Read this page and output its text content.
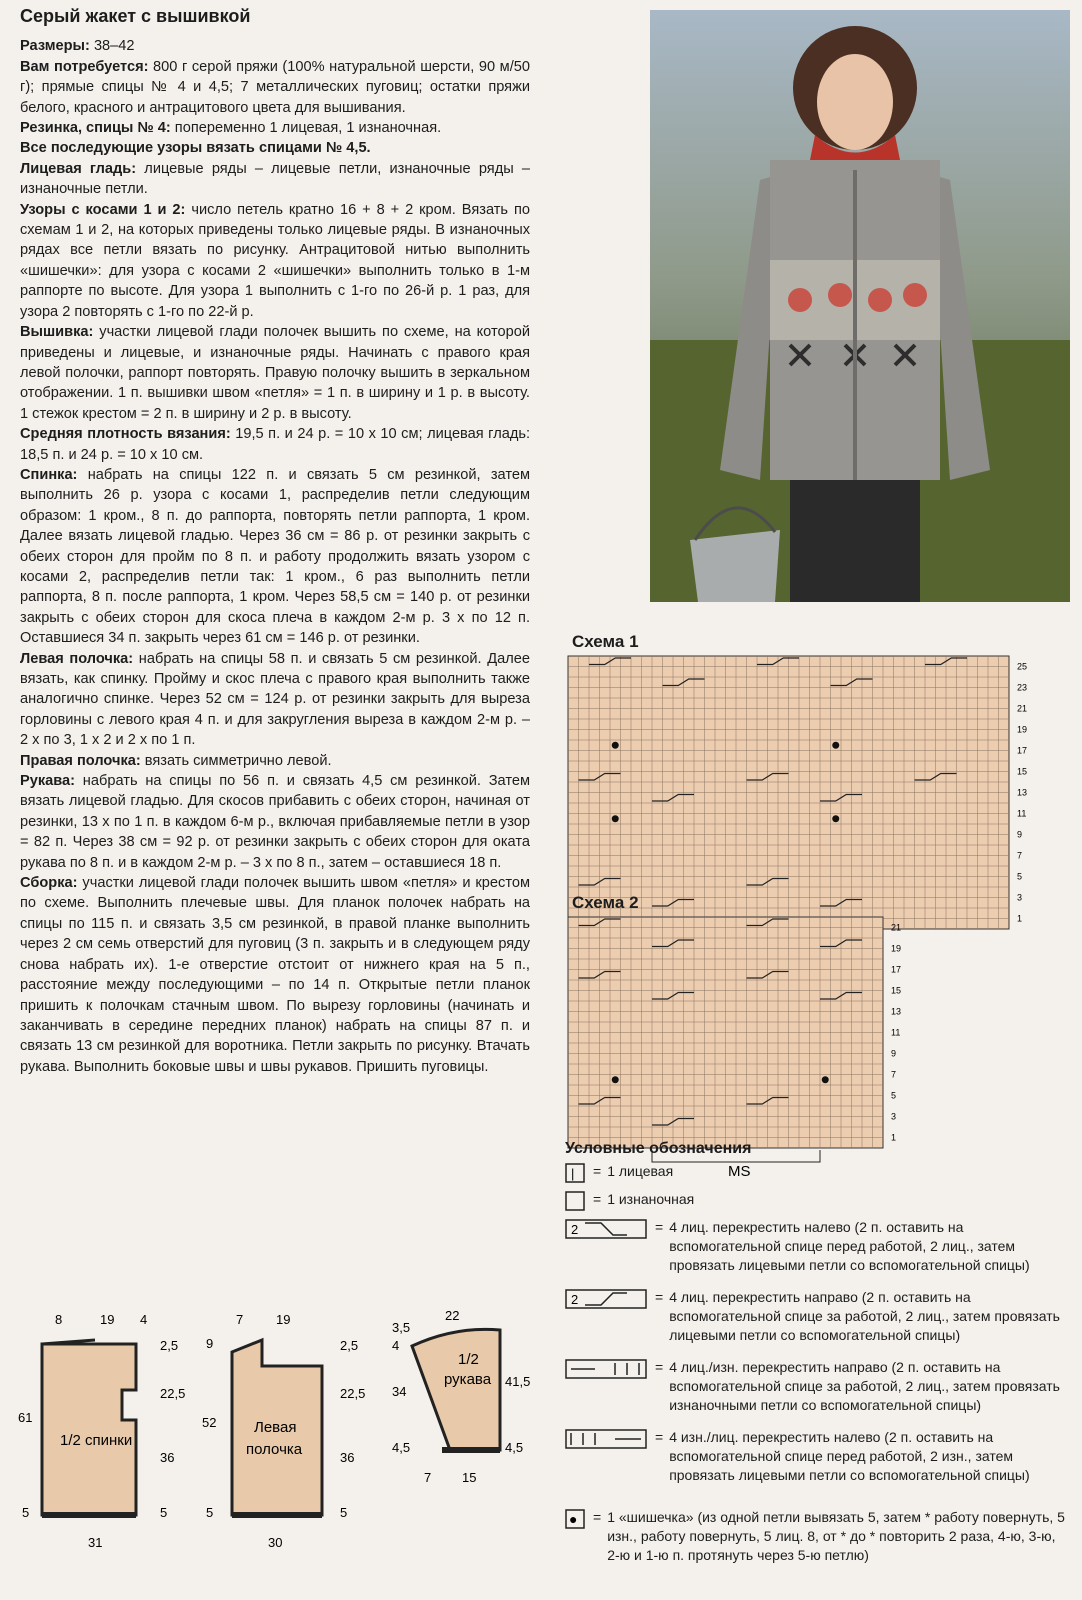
Серый жакет с вышивкой

Размеры: 38–42

Вам потребуется: 800 г серой пряжи (100% натуральной шерсти, 90 м/50 г); прямые спицы № 4 и 4,5; 7 металлических пуговиц; остатки пряжи белого, красного и антрацитового цвета для вышивания.

Резинка, спицы № 4: попеременно 1 лицевая, 1 изнаночная.

Все последующие узоры вязать спицами № 4,5.

Лицевая гладь: лицевые ряды – лицевые петли, изнаночные ряды – изнаночные петли.

Узоры с косами 1 и 2: число петель кратно 16 + 8 + 2 кром. Вязать по схемам 1 и 2, на которых приведены только лицевые ряды. В изнаночных рядах все петли вязать по рисунку. Антрацитовой нитью выполнить «шишечки»: для узора с косами 2 «шишечки» выполнить только в 1-м раппорте по высоте. Для узора 1 выполнить с 1-го по 26-й р. 1 раз, для узора 2 повторять с 1-го по 22-й р.

Вышивка: участки лицевой глади полочек вышить по схеме, на которой приведены и лицевые, и изнаночные ряды. Начинать с правого края левой полочки, раппорт повторять. Правую полочку вышить в зеркальном отображении. 1 п. вышивки швом «петля» = 1 п. в ширину и 1 р. в высоту. 1 стежок крестом = 2 п. в ширину и 2 р. в высоту.

Средняя плотность вязания: 19,5 п. и 24 р. = 10 х 10 см; лицевая гладь: 18,5 п. и 24 р. = 10 х 10 см.

Спинка: набрать на спицы 122 п. и связать 5 см резинкой, затем выполнить 26 р. узора с косами 1, распределив петли следующим образом: 1 кром., 8 п. до раппорта, повторять петли раппорта, 1 кром. Далее вязать лицевой гладью. Через 36 см = 86 р. от резинки закрыть с обеих сторон для пройм по 8 п. и работу продолжить вязать узором с косами 2, распределив петли так: 1 кром., 6 раз выполнить петли раппорта, 8 п. после раппорта, 1 кром. Через 58,5 см = 140 р. от резинки закрыть с обеих сторон для скоса плеча в каждом 2-м р. 3 х по 12 п. Оставшиеся 34 п. закрыть через 61 см = 146 р. от резинки.

Левая полочка: набрать на спицы 58 п. и связать 5 см резинкой. Далее вязать, как спинку. Пройму и скос плеча с правого края выполнить также аналогично спинке. Через 52 см = 124 р. от резинки закрыть для выреза горловины с левого края 4 п. и для закругления выреза в каждом 2-м р. – 2 х по 3, 1 х 2 и 2 х по 1 п.

Правая полочка: вязать симметрично левой.

Рукава: набрать на спицы по 56 п. и связать 4,5 см резинкой. Затем вязать лицевой гладью. Для скосов прибавить с обеих сторон, начиная от резинки, 13 х по 1 п. в каждом 6-м р., включая прибавляемые петли в узор = 82 п. Через 38 см = 92 р. от резинки закрыть с обеих сторон для оката рукава по 8 п. и в каждом 2-м р. – 3 х по 8 п., затем – оставшиеся 18 п.

Сборка: участки лицевой глади полочек вышить швом «петля» и крестом по схеме. Выполнить плечевые швы. Для планок полочек набрать на спицы по 115 п. и связать 3,5 см резинкой, в правой планке выполнить через 2 см семь отверстий для пуговиц (3 п. закрыть и в следующем ряду снова набрать их). 1-е отверстие отстоит от нижнего края на 5 п., расстояние между последующими – по 14 п. Открытые петли планок пришить к полочкам стачным швом. По вырезу горловины (начинать и заканчивать в середине передних планок) набрать на спицы 87 п. и связать 13 см резинкой для воротника. Петли закрыть по рисунку. Втачать рукава. Выполнить боковые швы и швы рукавов. Пришить пуговицы.

Схема 1
25
23
21
19
17
15
13
11
9
7
5
3
1
Схема 2
21
19
17
15
13
11
9
7
5
3
1
MS
Условные обозначения
| = 1 лицевая
= 1 изнаночная
2	= 4 лиц. перекрестить налево (2 п. оставить на вспомогательной спице перед работой, 2 лиц., затем провязать лицевыми петли со вспомогательной спицы)
2	= 4 лиц. перекрестить направо (2 п. оставить на вспомогательной спице за работой, 2 лиц., затем провязать лицевыми петли со вспомогательной спицы)
= 4 лиц./изн. перекрестить направо (2 п. оставить на вспомогательной спице за работой, 2 лиц., затем провязать изнаночными петли со вспомогательной спицы)
= 4 изн./лиц. перекрестить налево (2 п. оставить на вспомогательной спице перед работой, 2 изн., затем провязать лицевыми петли со вспомогательной спицы)
● = 1 «шишечка» (из одной петли вывязать 5, затем * работу повернуть, 5 изн., работу повернуть, 5 лиц. 8, от * до * повторить 2 раза, 4-ю, 3-ю, 2-ю и 1-ю п. протянуть через 5-ю петлю)
8	19 4
2,5
22,5
36
5
61
5
31
1/2 спинки
7	19
9
52
5
2,5
22,5
36
5
30
Левая
полочка
22
3,5
4
34
4,5
41,5
4,5
7 15
1/2
рукава
